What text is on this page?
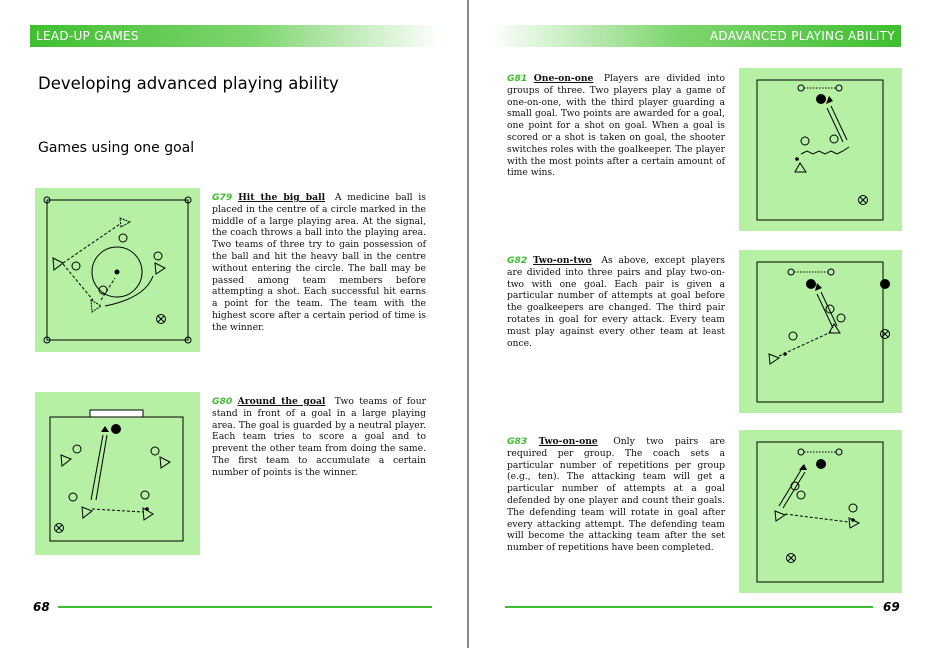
LEAD-UP GAMES
Developing advanced playing ability
Games using one goal
G79 Hit the big ball A medicine ball is placed in the centre of a circle marked in the middle of a large playing area. At the signal, the coach throws a ball into the playing area. Two teams of three try to gain possession of the ball and hit the heavy ball in the centre without entering the circle. The ball may be passed among team members before attempting a shot. Each successful hit earns a point for the team. The team with the highest score after a certain period of time is the winner.
G80 Around the goal Two teams of four stand in front of a goal in a large playing area. The goal is guarded by a neutral player. Each team tries to score a goal and to prevent the other team from doing the same. The first team to accumulate a certain number of points is the winner.
68
ADAVANCED PLAYING ABILITY
G81 One-on-one Players are divided into groups of three. Two players play a game of one-on-one, with the third player guarding a small goal. Two points are awarded for a goal, one point for a shot on goal. When a goal is scored or a shot is taken on goal, the shooter switches roles with the goalkeeper. The player with the most points after a certain amount of time wins.
G82 Two-on-two As above, except players are divided into three pairs and play two-on-two with one goal. Each pair is given a particular number of attempts at goal before the goalkeepers are changed. The third pair rotates in goal for every attack. Every team must play against every other team at least once.
G83 Two-on-one Only two pairs are required per group. The coach sets a particular number of repetitions per group (e.g., ten). The attacking team will get a particular number of attempts at a goal defended by one player and count their goals. The defending team will rotate in goal after every attacking attempt. The defending team will become the attacking team after the set number of repetitions have been completed.
69
